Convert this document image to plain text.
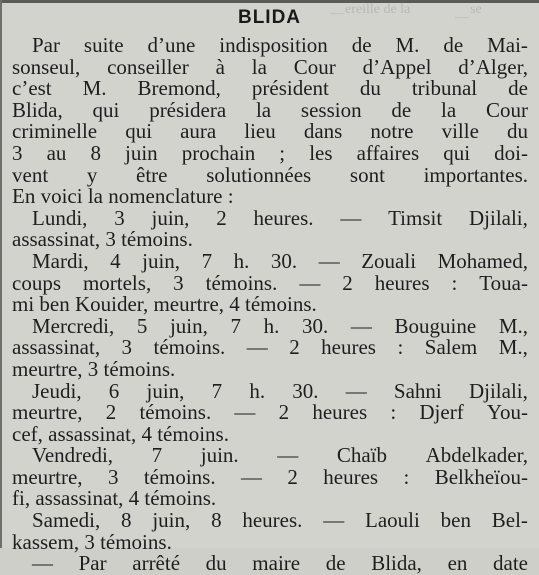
— ereille de la
—
se
BLIDA
Par suite d’une indisposition de M. de Mai-
sonseul, conseiller à la Cour d’Appel d’Alger,
c’est M. Bremond, président du tribunal de
Blida, qui présidera la session de la Cour
criminelle qui aura lieu dans notre ville du
3 au 8 juin prochain ; les affaires qui doi-
vent y être solutionnées sont importantes.
En voici la nomenclature :
Lundi, 3 juin, 2 heures. — Timsit Djilali,
assassinat, 3 témoins.
Mardi, 4 juin, 7 h. 30. — Zouali Mohamed,
coups mortels, 3 témoins. — 2 heures : Toua-
mi ben Kouider, meurtre, 4 témoins.
Mercredi, 5 juin, 7 h. 30. — Bouguine M.,
assassinat, 3 témoins. — 2 heures : Salem M.,
meurtre, 3 témoins.
Jeudi, 6 juin, 7 h. 30. — Sahni Djilali,
meurtre, 2 témoins. — 2 heures : Djerf You-
cef, assassinat, 4 témoins.
Vendredi, 7 juin. — Chaïb Abdelkader,
meurtre, 3 témoins. — 2 heures : Belkheïou-
fi, assassinat, 4 témoins.
Samedi, 8 juin, 8 heures. — Laouli ben Bel-
kassem, 3 témoins.
— Par arrêté du maire de Blida, en date
